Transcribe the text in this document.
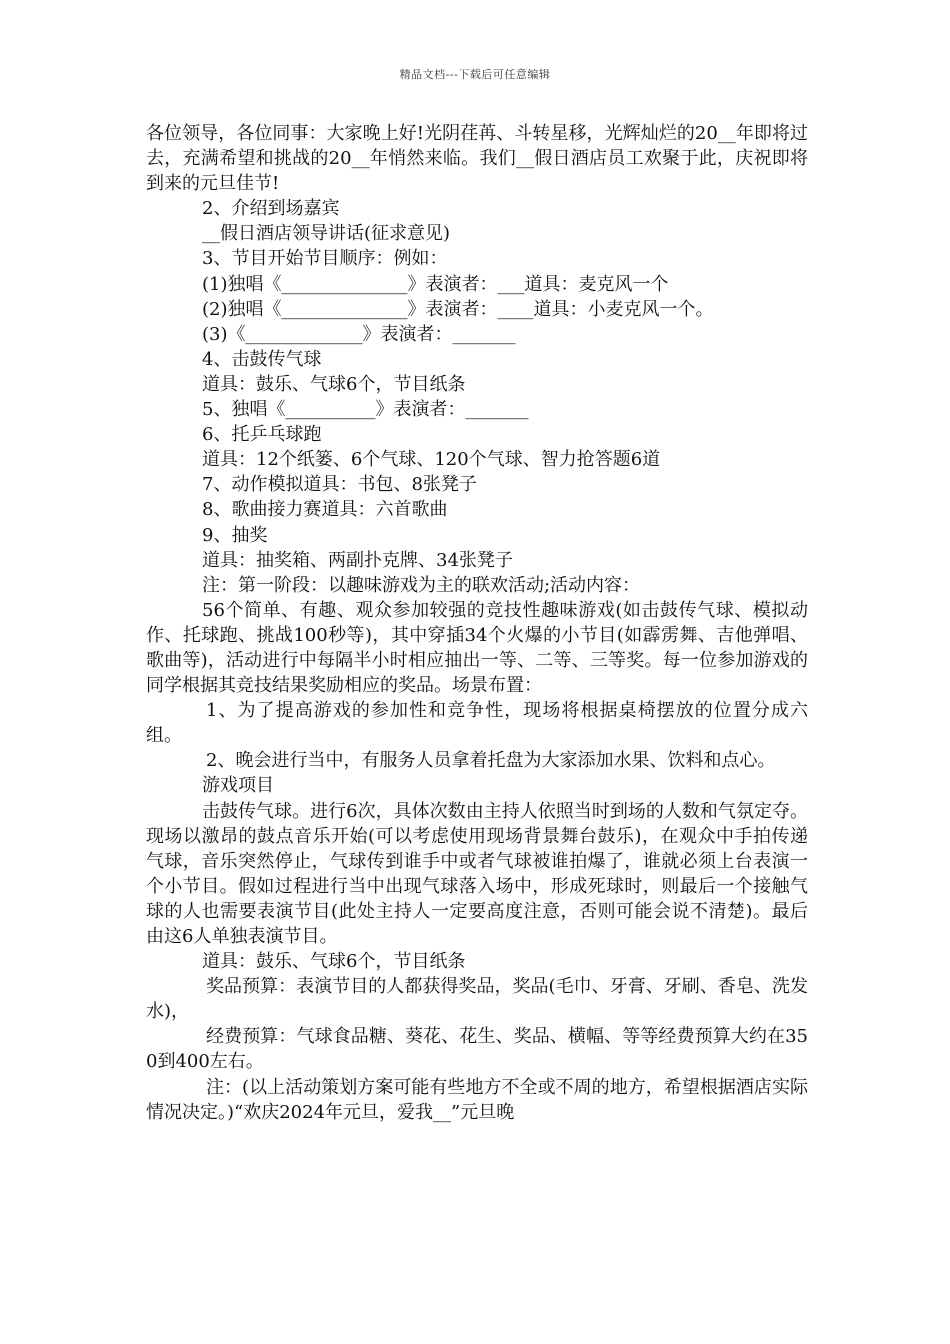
精品文档---下载后可任意编辑

各位领导，各位同事：大家晚上好!光阴荏苒、斗转星移，光辉灿烂的20__年即将过去，充满希望和挑战的20__年悄然来临。我们__假日酒店员工欢聚于此，庆祝即将到来的元旦佳节!

2、介绍到场嘉宾

__假日酒店领导讲话(征求意见)

3、节目开始节目顺序：例如：

(1)独唱《______________》表演者：___道具：麦克风一个

(2)独唱《______________》表演者：____道具：小麦克风一个。

(3)《_____________》表演者：_______

4、击鼓传气球

道具：鼓乐、气球6个，节目纸条

5、独唱《__________》表演者：_______

6、托乒乓球跑

道具：12个纸篓、6个气球、120个气球、智力抢答题6道

7、动作模拟道具：书包、8张凳子

8、歌曲接力赛道具：六首歌曲

9、抽奖

道具：抽奖箱、两副扑克牌、34张凳子

注：第一阶段：以趣味游戏为主的联欢活动;活动内容：

56个简单、有趣、观众参加较强的竞技性趣味游戏(如击鼓传气球、模拟动作、托球跑、挑战100秒等)，其中穿插34个火爆的小节目(如霹雳舞、吉他弹唱、歌曲等)，活动进行中每隔半小时相应抽出一等、二等、三等奖。每一位参加游戏的同学根据其竞技结果奖励相应的奖品。场景布置：

1、为了提高游戏的参加性和竞争性，现场将根据桌椅摆放的位置分成六组。

2、晚会进行当中，有服务人员拿着托盘为大家添加水果、饮料和点心。

游戏项目

击鼓传气球。进行6次，具体次数由主持人依照当时到场的人数和气氛定夺。现场以激昂的鼓点音乐开始(可以考虑使用现场背景舞台鼓乐)，在观众中手拍传递气球，音乐突然停止，气球传到谁手中或者气球被谁拍爆了，谁就必须上台表演一个小节目。假如过程进行当中出现气球落入场中，形成死球时，则最后一个接触气球的人也需要表演节目(此处主持人一定要高度注意，否则可能会说不清楚)。最后由这6人单独表演节目。

道具：鼓乐、气球6个，节目纸条

奖品预算：表演节目的人都获得奖品，奖品(毛巾、牙膏、牙刷、香皂、洗发水)，

经费预算：气球食品糖、葵花、花生、奖品、横幅、等等经费预算大约在350到400左右。

注：(以上活动策划方案可能有些地方不全或不周的地方，希望根据酒店实际情况决定。)“欢庆2024年元旦，爱我__”元旦晚
